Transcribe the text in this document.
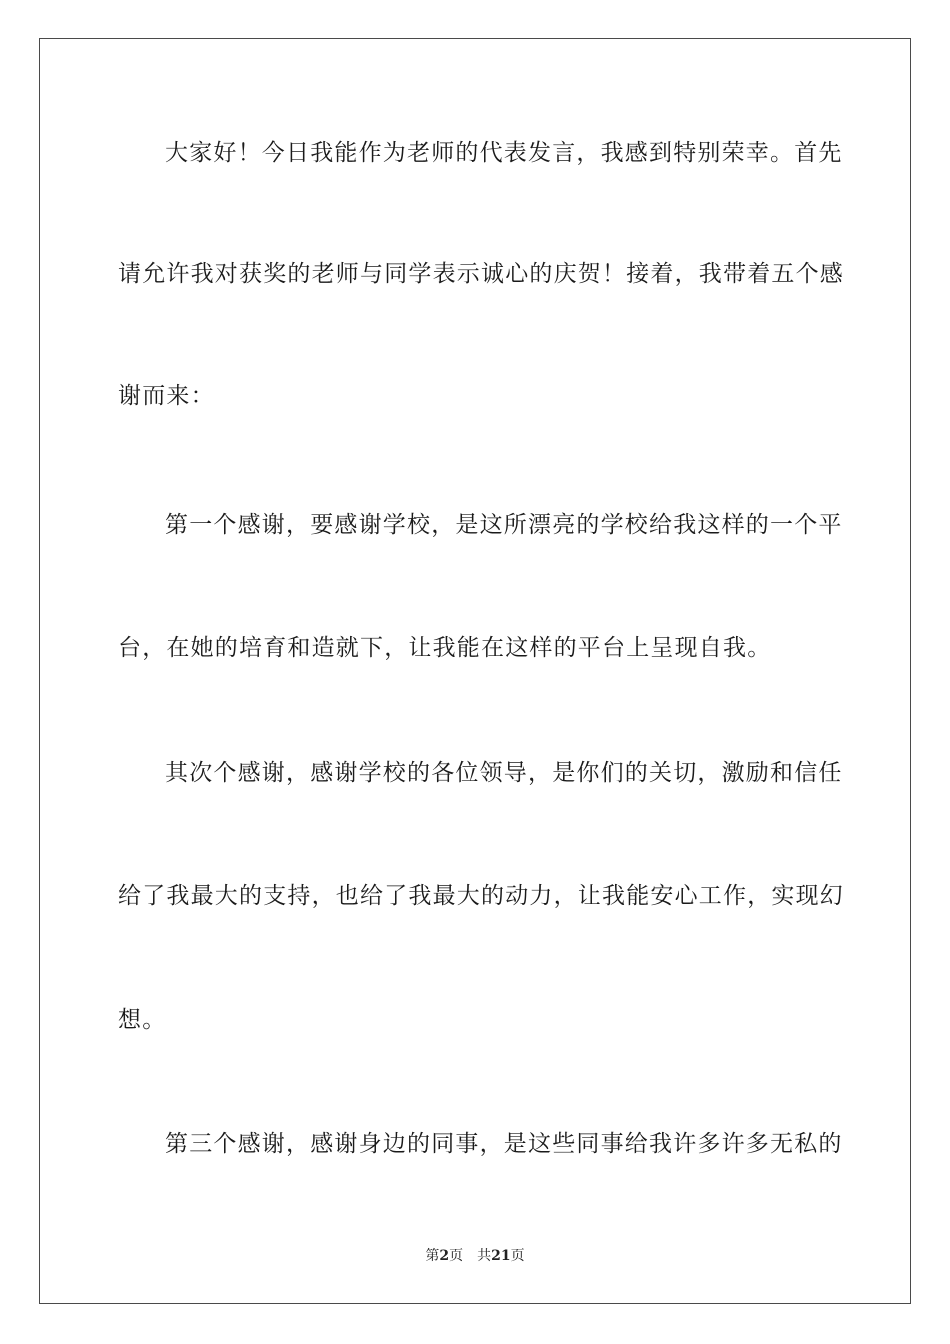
大家好！今日我能作为老师的代表发言，我感到特别荣幸。首先
请允许我对获奖的老师与同学表示诚心的庆贺！接着，我带着五个感
谢而来：
第一个感谢，要感谢学校，是这所漂亮的学校给我这样的一个平
台，在她的培育和造就下，让我能在这样的平台上呈现自我。
其次个感谢，感谢学校的各位领导，是你们的关切，激励和信任
给了我最大的支持，也给了我最大的动力，让我能安心工作，实现幻
想。
第三个感谢，感谢身边的同事，是这些同事给我许多许多无私的
第2页 共21页
